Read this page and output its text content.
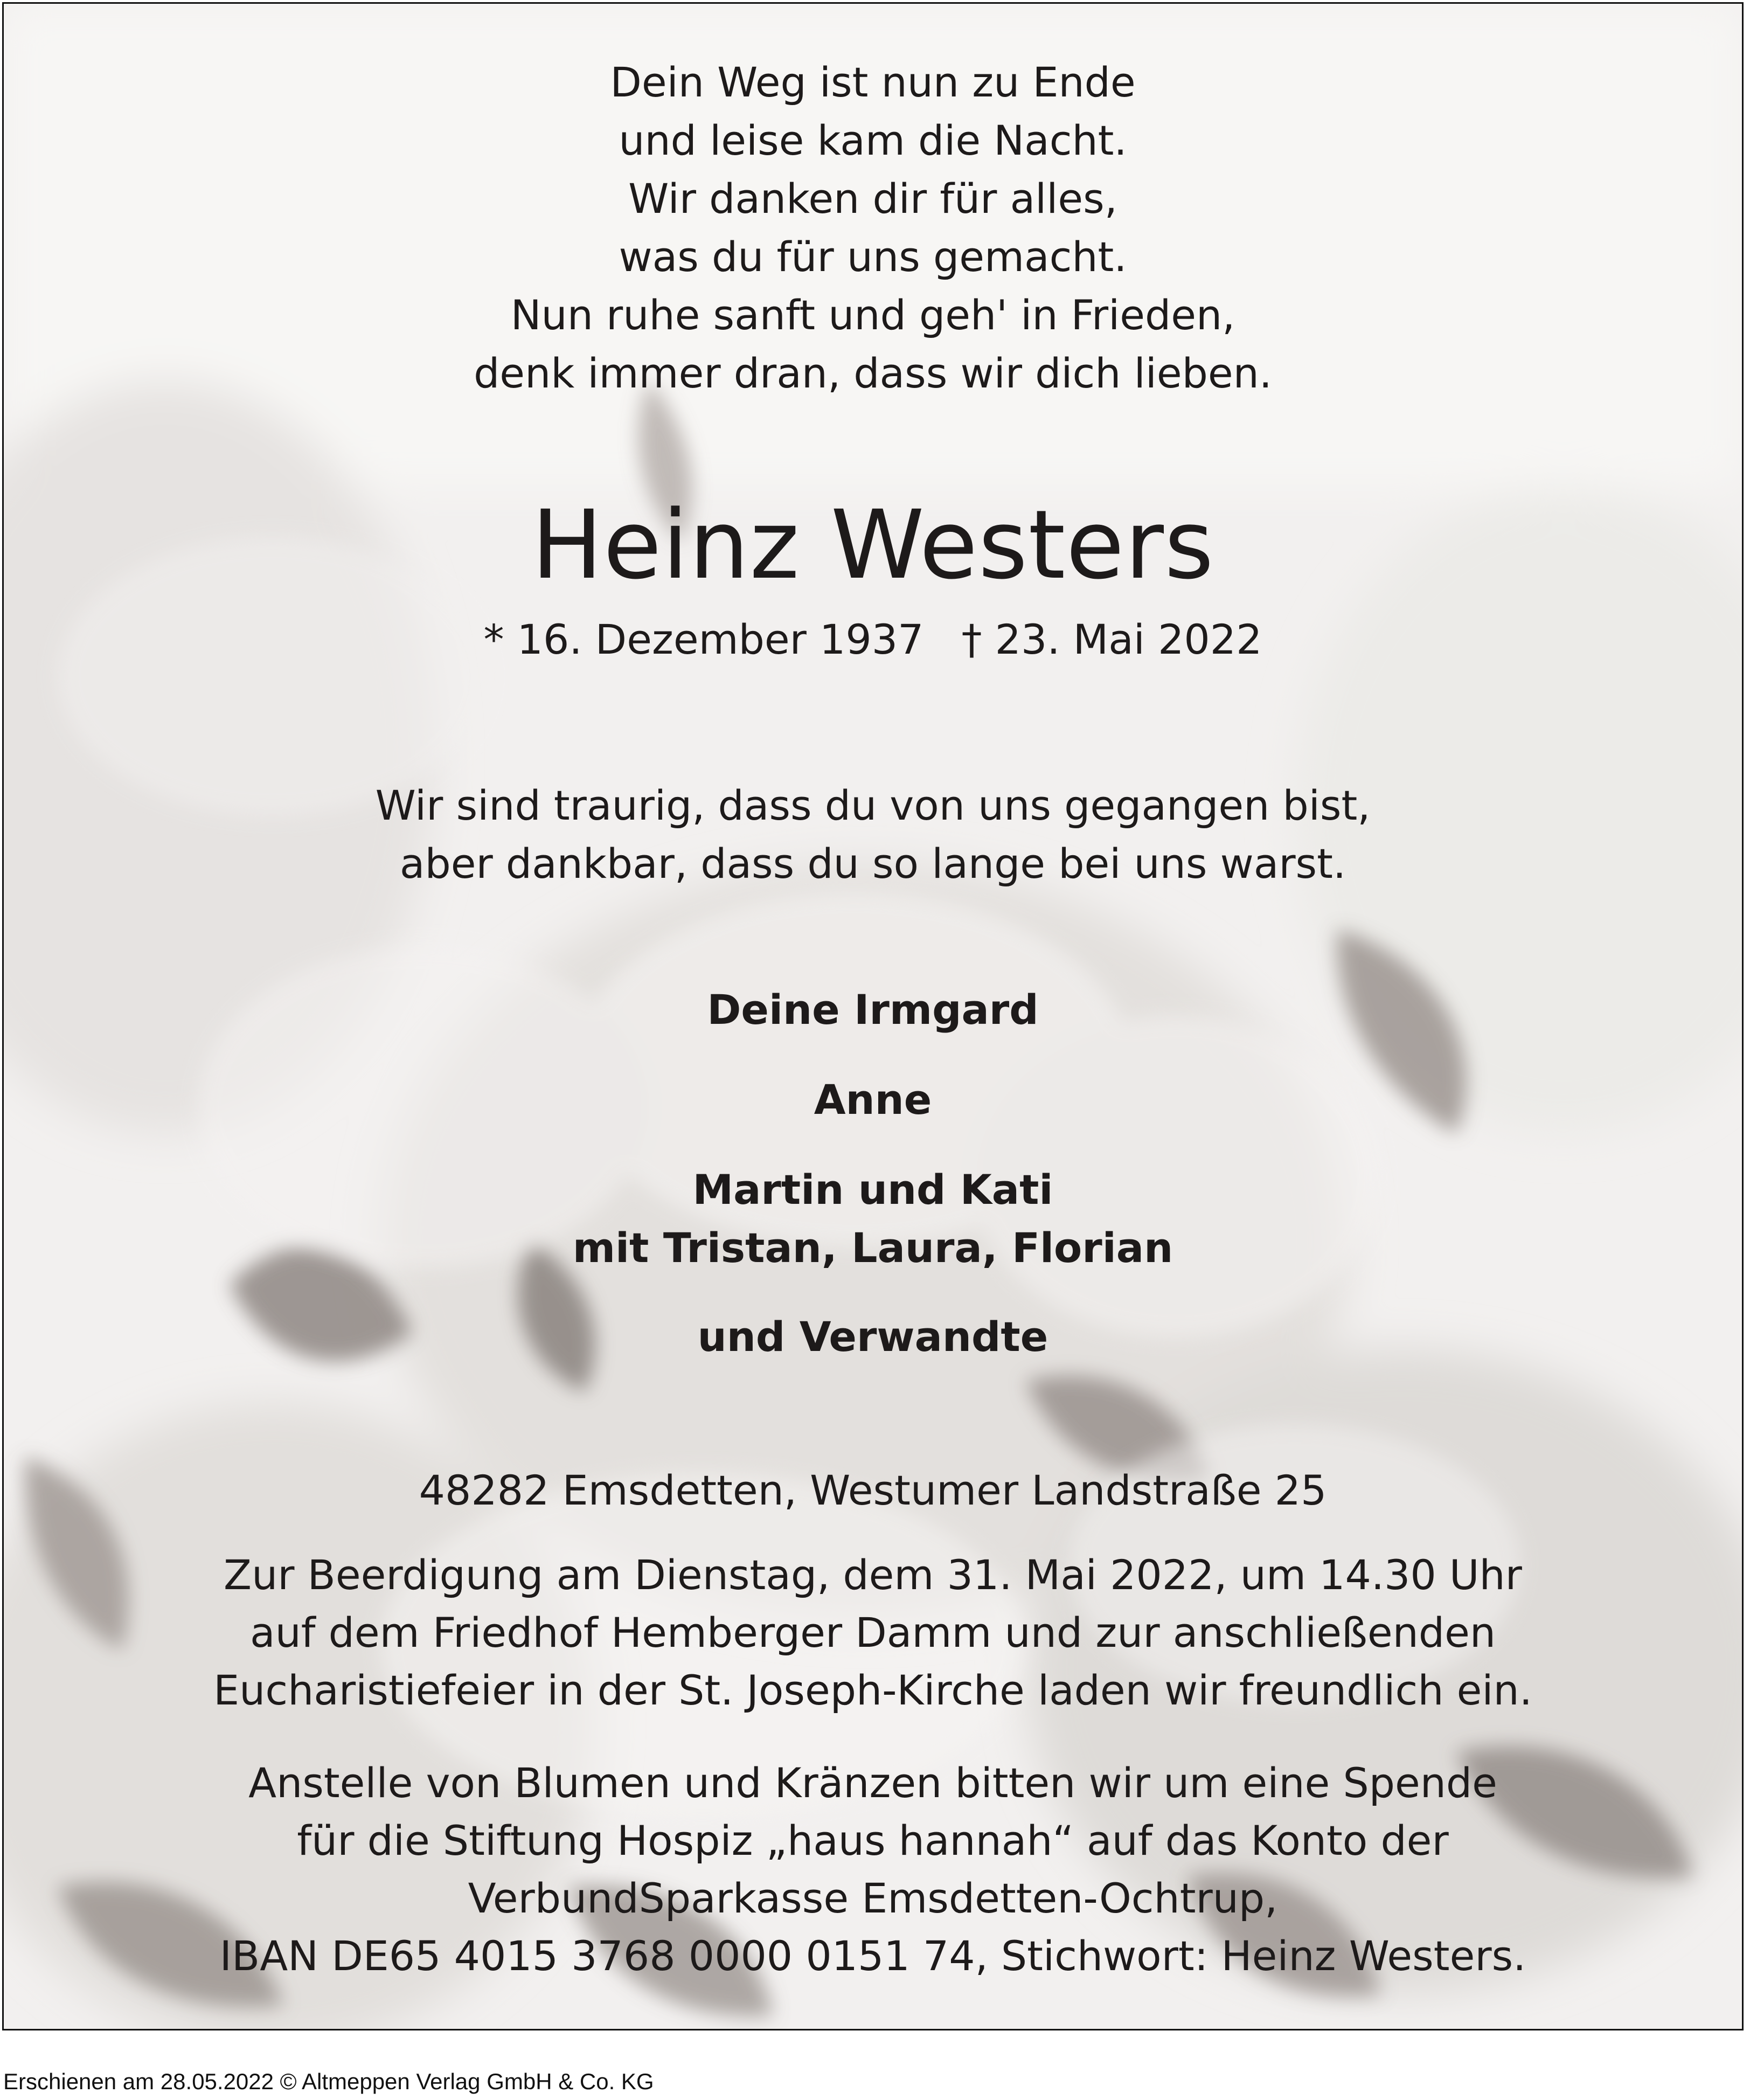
Dein Weg ist nun zu Ende
und leise kam die Nacht.
Wir danken dir für alles,
was du für uns gemacht.
Nun ruhe sanft und geh' in Frieden,
denk immer dran, dass wir dich lieben.
Heinz Westers
* 16. Dezember 1937 † 23. Mai 2022
Wir sind traurig, dass du von uns gegangen bist,
aber dankbar, dass du so lange bei uns warst.
Deine Irmgard
Anne
Martin und Kati
mit Tristan, Laura, Florian
und Verwandte
48282 Emsdetten, Westumer Landstraße 25
Zur Beerdigung am Dienstag, dem 31. Mai 2022, um 14.30 Uhr
auf dem Friedhof Hemberger Damm und zur anschließenden
Eucharistiefeier in der St. Joseph-Kirche laden wir freundlich ein.
Anstelle von Blumen und Kränzen bitten wir um eine Spende
für die Stiftung Hospiz „haus hannah“ auf das Konto der
VerbundSparkasse Emsdetten-Ochtrup,
IBAN DE65 4015 3768 0000 0151 74, Stichwort: Heinz Westers.
Erschienen am 28.05.2022 © Altmeppen Verlag GmbH & Co. KG
